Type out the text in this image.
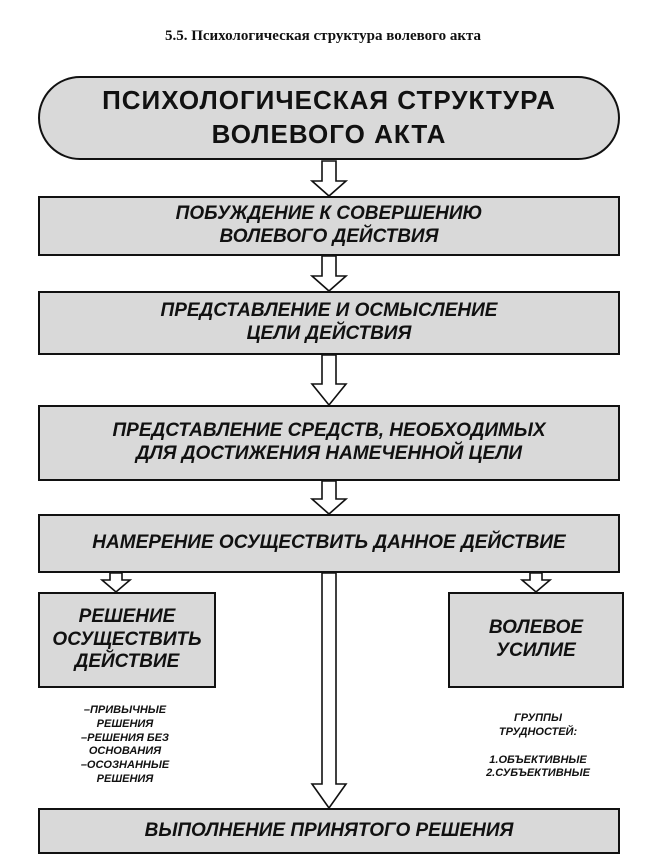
5.5. Психологическая структура волевого акта
ПСИХОЛОГИЧЕСКАЯ СТРУКТУРА
ВОЛЕВОГО АКТА
ПОБУЖДЕНИЕ К СОВЕРШЕНИЮ
ВОЛЕВОГО ДЕЙСТВИЯ
ПРЕДСТАВЛЕНИЕ И ОСМЫСЛЕНИЕ
ЦЕЛИ ДЕЙСТВИЯ
ПРЕДСТАВЛЕНИЕ СРЕДСТВ, НЕОБХОДИМЫХ
ДЛЯ ДОСТИЖЕНИЯ НАМЕЧЕННОЙ ЦЕЛИ
НАМЕРЕНИЕ ОСУЩЕСТВИТЬ ДАННОЕ ДЕЙСТВИЕ
РЕШЕНИЕ
ОСУЩЕСТВИТЬ
ДЕЙСТВИЕ
ВОЛЕВОЕ
УСИЛИЕ
–ПРИВЫЧНЫЕ
РЕШЕНИЯ
–РЕШЕНИЯ БЕЗ
ОСНОВАНИЯ
–ОСОЗНАННЫЕ
РЕШЕНИЯ
ГРУППЫ
ТРУДНОСТЕЙ:
1.ОБЪЕКТИВНЫЕ
2.СУБЪЕКТИВНЫЕ
ВЫПОЛНЕНИЕ ПРИНЯТОГО РЕШЕНИЯ
